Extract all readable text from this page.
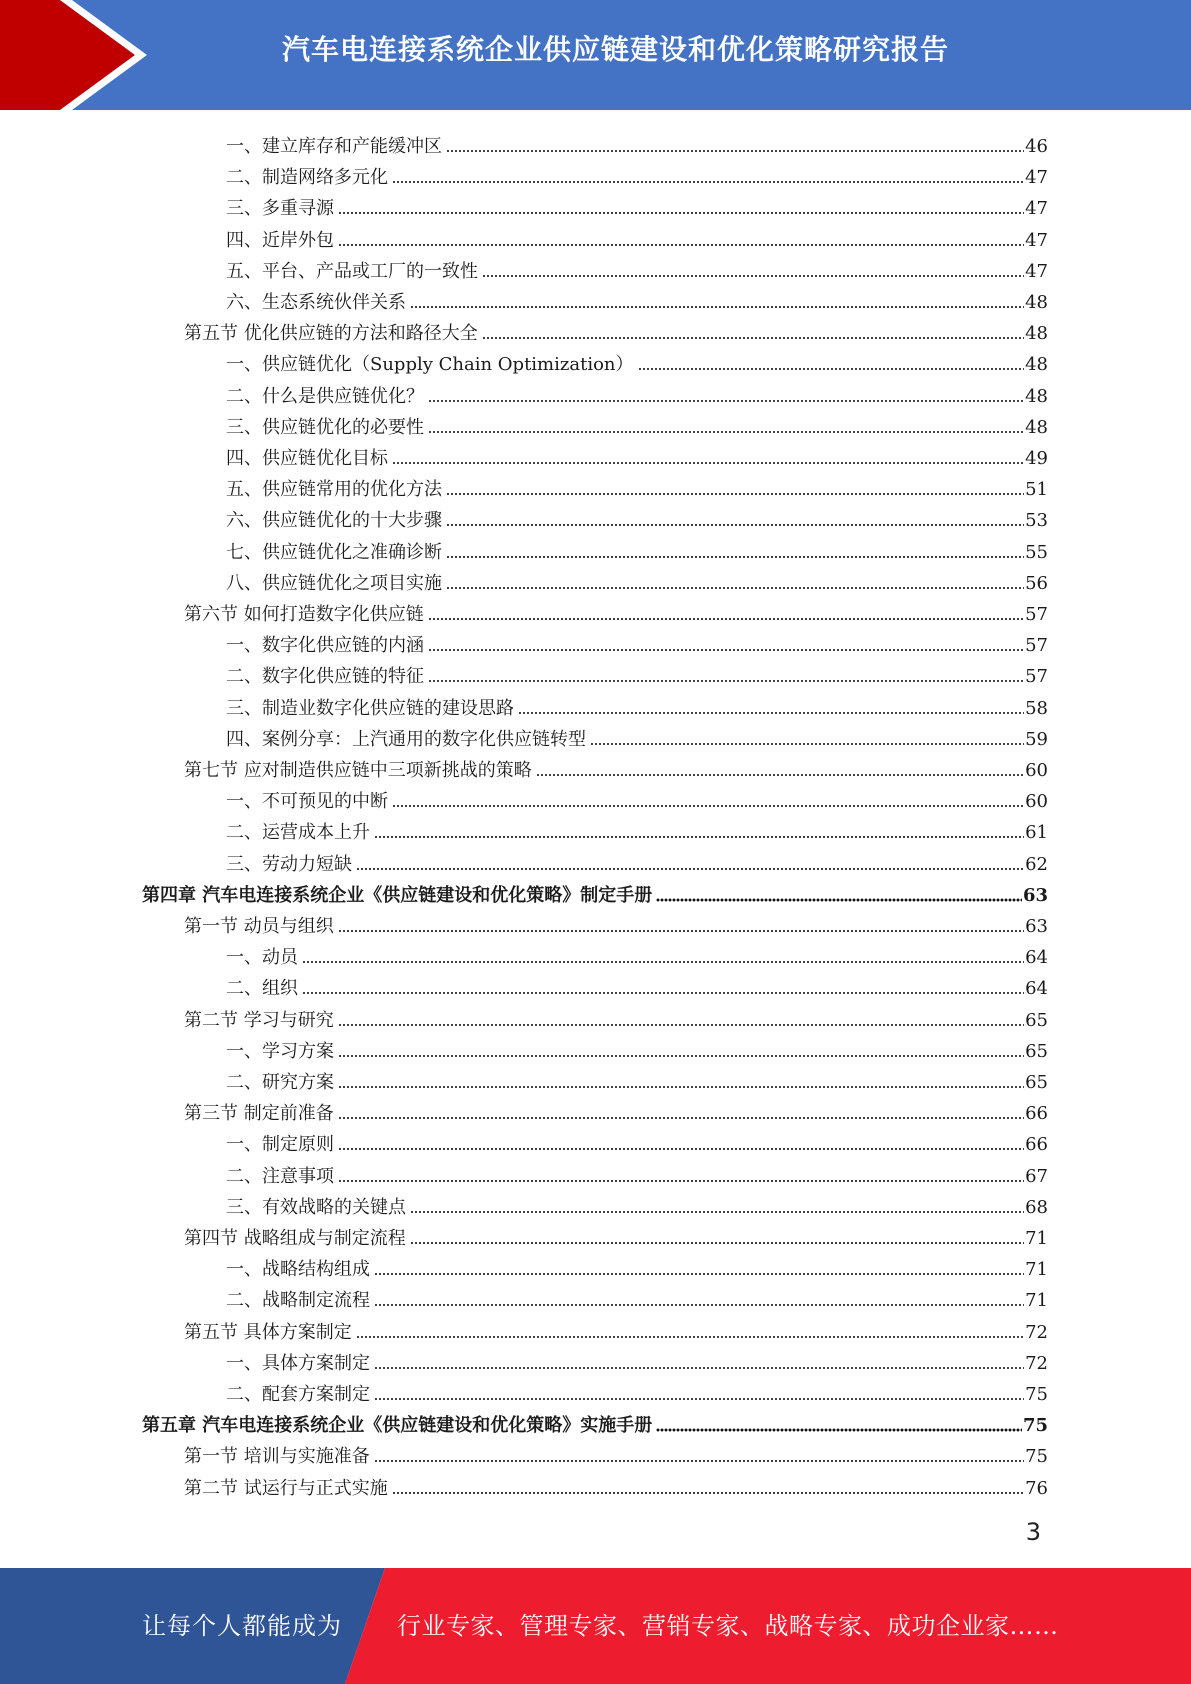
汽车电连接系统企业供应链建设和优化策略研究报告
一、建立库存和产能缓冲区	46
二、制造网络多元化	47
三、多重寻源	47
四、近岸外包	47
五、平台、产品或工厂的一致性	47
六、生态系统伙伴关系	48
第五节 优化供应链的方法和路径大全	48
一、供应链优化（Supply Chain Optimization）	48
二、什么是供应链优化？	48
三、供应链优化的必要性	48
四、供应链优化目标	49
五、供应链常用的优化方法	51
六、供应链优化的十大步骤	53
七、供应链优化之准确诊断	55
八、供应链优化之项目实施	56
第六节 如何打造数字化供应链	57
一、数字化供应链的内涵	57
二、数字化供应链的特征	57
三、制造业数字化供应链的建设思路	58
四、案例分享：上汽通用的数字化供应链转型	59
第七节 应对制造供应链中三项新挑战的策略	60
一、不可预见的中断	60
二、运营成本上升	61
三、劳动力短缺	62
第四章 汽车电连接系统企业《供应链建设和优化策略》制定手册	63
第一节 动员与组织	63
一、动员	64
二、组织	64
第二节 学习与研究	65
一、学习方案	65
二、研究方案	65
第三节 制定前准备	66
一、制定原则	66
二、注意事项	67
三、有效战略的关键点	68
第四节 战略组成与制定流程	71
一、战略结构组成	71
二、战略制定流程	71
第五节 具体方案制定	72
一、具体方案制定	72
二、配套方案制定	75
第五章 汽车电连接系统企业《供应链建设和优化策略》实施手册	75
第一节 培训与实施准备	75
第二节 试运行与正式实施	76
3
让每个人都能成为 行业专家、管理专家、营销专家、战略专家、成功企业家……
